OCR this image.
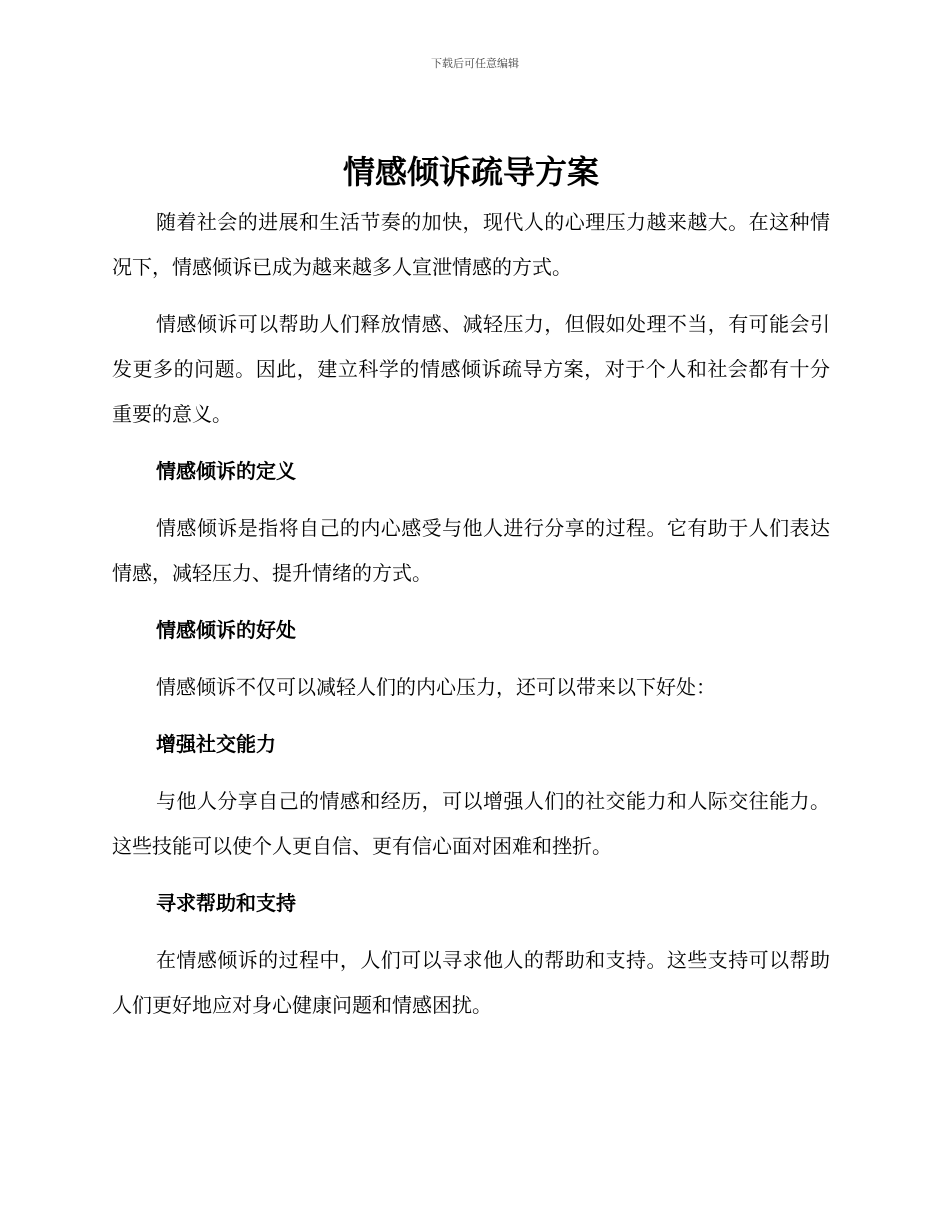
下载后可任意编辑
情感倾诉疏导方案

随着社会的进展和生活节奏的加快，现代人的心理压力越来越大。在这种情况下，情感倾诉已成为越来越多人宣泄情感的方式。

情感倾诉可以帮助人们释放情感、减轻压力，但假如处理不当，有可能会引发更多的问题。因此，建立科学的情感倾诉疏导方案，对于个人和社会都有十分重要的意义。

情感倾诉的定义

情感倾诉是指将自己的内心感受与他人进行分享的过程。它有助于人们表达情感，减轻压力、提升情绪的方式。

情感倾诉的好处

情感倾诉不仅可以减轻人们的内心压力，还可以带来以下好处：

增强社交能力

与他人分享自己的情感和经历，可以增强人们的社交能力和人际交往能力。这些技能可以使个人更自信、更有信心面对困难和挫折。

寻求帮助和支持

在情感倾诉的过程中，人们可以寻求他人的帮助和支持。这些支持可以帮助人们更好地应对身心健康问题和情感困扰。
